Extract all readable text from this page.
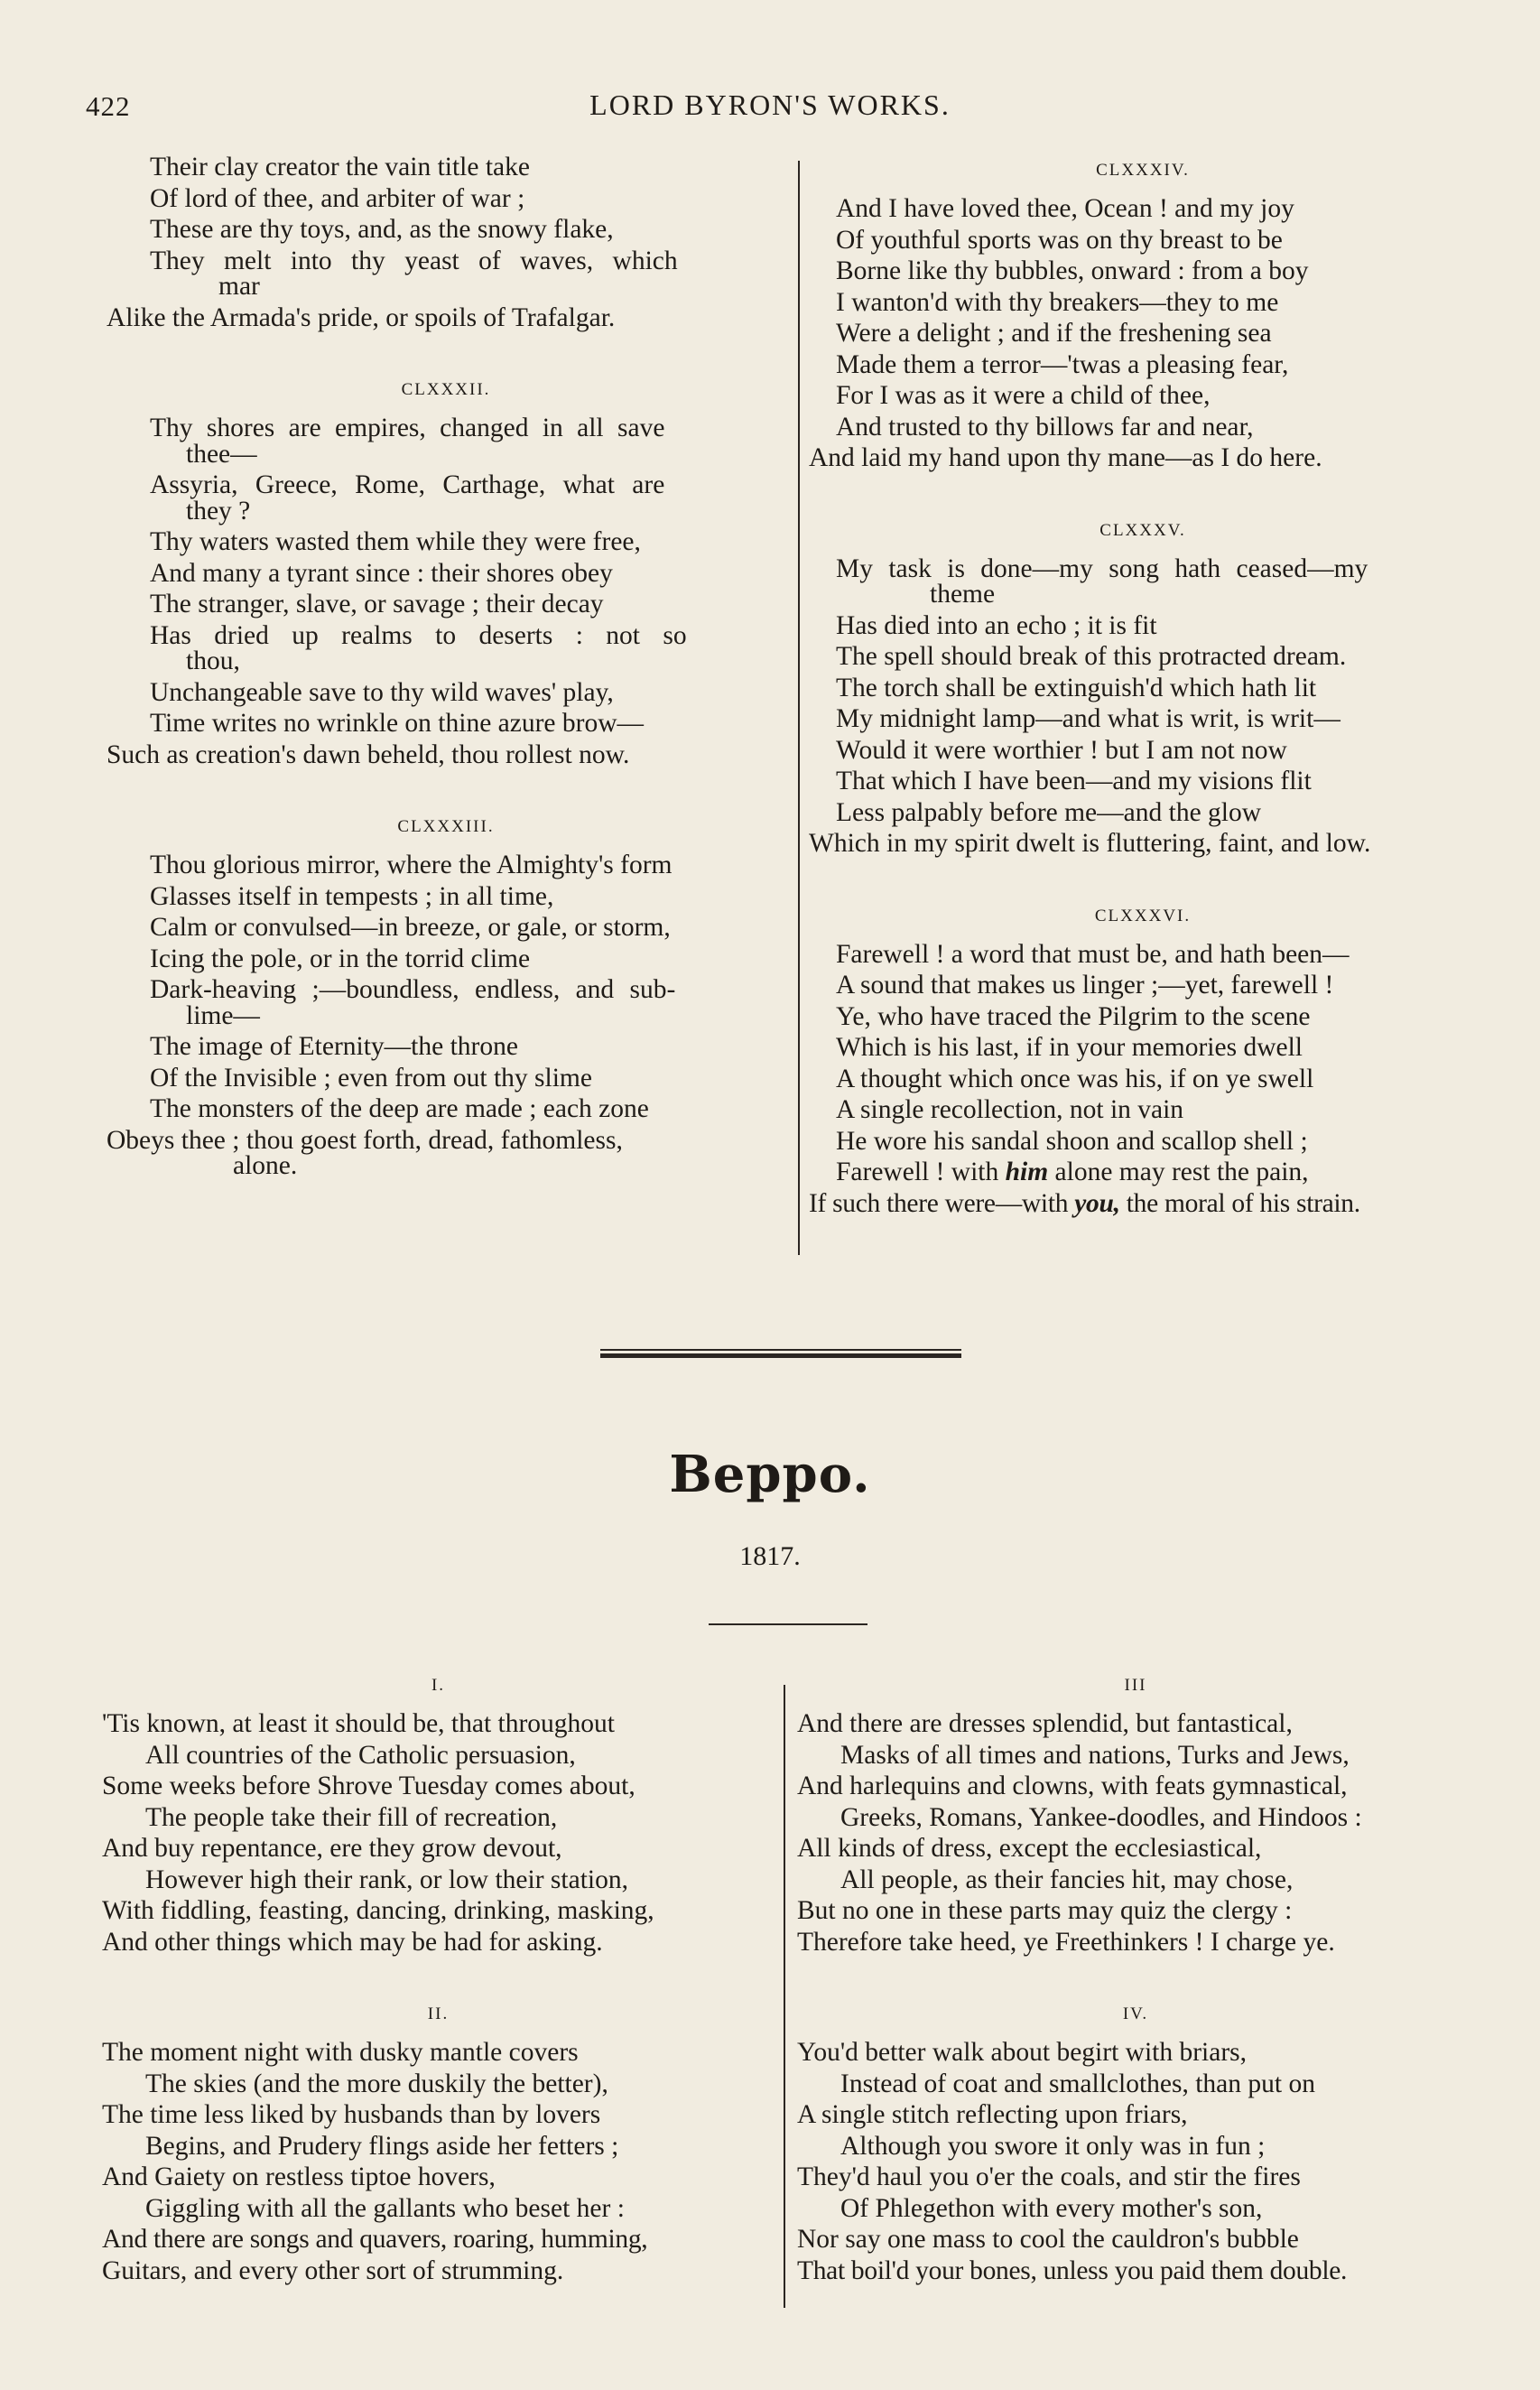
422	LORD BYRON'S WORKS.
Their clay creator the vain title take
Of lord of thee, and arbiter of war ;
These are thy toys, and, as the snowy flake,
They melt into thy yeast of waves, which
mar
Alike the Armada's pride, or spoils of Trafalgar.
CLXXXII.
Thy shores are empires, changed in all save
thee—
Assyria, Greece, Rome, Carthage, what are
they ?
Thy waters wasted them while they were free,
And many a tyrant since : their shores obey
The stranger, slave, or savage ; their decay
Has dried up realms to deserts : not so
thou,
Unchangeable save to thy wild waves' play,
Time writes no wrinkle on thine azure brow—
Such as creation's dawn beheld, thou rollest now.
CLXXXIII.
Thou glorious mirror, where the Almighty's form
Glasses itself in tempests ; in all time,
Calm or convulsed—in breeze, or gale, or storm,
Icing the pole, or in the torrid clime
Dark-heaving ;—boundless, endless, and sub-
lime—
The image of Eternity—the throne
Of the Invisible ; even from out thy slime
The monsters of the deep are made ; each zone
Obeys thee ; thou goest forth, dread, fathomless,
alone.
CLXXXIV.
And I have loved thee, Ocean ! and my joy
Of youthful sports was on thy breast to be
Borne like thy bubbles, onward : from a boy
I wanton'd with thy breakers—they to me
Were a delight ; and if the freshening sea
Made them a terror—'twas a pleasing fear,
For I was as it were a child of thee,
And trusted to thy billows far and near,
And laid my hand upon thy mane—as I do here.
CLXXXV.
My task is done—my song hath ceased—my
theme
Has died into an echo ; it is fit
The spell should break of this protracted dream.
The torch shall be extinguish'd which hath lit
My midnight lamp—and what is writ, is writ—
Would it were worthier ! but I am not now
That which I have been—and my visions flit
Less palpably before me—and the glow
Which in my spirit dwelt is fluttering, faint, and low.
CLXXXVI.
Farewell ! a word that must be, and hath been—
A sound that makes us linger ;—yet, farewell !
Ye, who have traced the Pilgrim to the scene
Which is his last, if in your memories dwell
A thought which once was his, if on ye swell
A single recollection, not in vain
He wore his sandal shoon and scallop shell ;
Farewell ! with him alone may rest the pain,
If such there were—with you, the moral of his strain.
Beppo.
1817.
I.
'Tis known, at least it should be, that throughout
All countries of the Catholic persuasion,
Some weeks before Shrove Tuesday comes about,
The people take their fill of recreation,
And buy repentance, ere they grow devout,
However high their rank, or low their station,
With fiddling, feasting, dancing, drinking, masking,
And other things which may be had for asking.
II.
The moment night with dusky mantle covers
The skies (and the more duskily the better),
The time less liked by husbands than by lovers
Begins, and Prudery flings aside her fetters ;
And Gaiety on restless tiptoe hovers,
Giggling with all the gallants who beset her :
And there are songs and quavers, roaring, humming,
Guitars, and every other sort of strumming.
III
And there are dresses splendid, but fantastical,
Masks of all times and nations, Turks and Jews,
And harlequins and clowns, with feats gymnastical,
Greeks, Romans, Yankee-doodles, and Hindoos :
All kinds of dress, except the ecclesiastical,
All people, as their fancies hit, may chose,
But no one in these parts may quiz the clergy :
Therefore take heed, ye Freethinkers ! I charge ye.
IV.
You'd better walk about begirt with briars,
Instead of coat and smallclothes, than put on
A single stitch reflecting upon friars,
Although you swore it only was in fun ;
They'd haul you o'er the coals, and stir the fires
Of Phlegethon with every mother's son,
Nor say one mass to cool the cauldron's bubble
That boil'd your bones, unless you paid them double.
